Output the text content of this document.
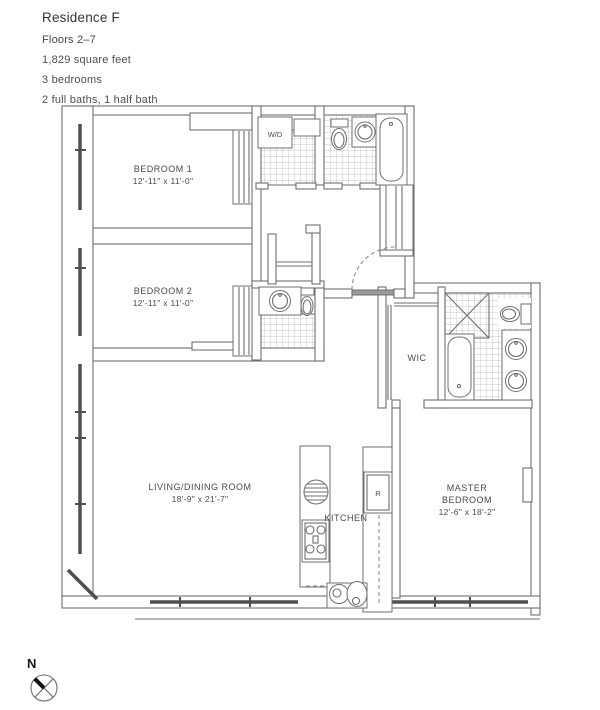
Residence F
Floors 2–7
1,829 square feet
3 bedrooms
2 full baths, 1 half bath
W/D
R
BEDROOM 1
12'-11" x 11'-0"
BEDROOM 2
12'-11" x 11'-0"
LIVING/DINING ROOM
18'-9" x 21'-7"
KITCHEN
MASTER
BEDROOM
12'-6" x 18'-2"
WIC
N
